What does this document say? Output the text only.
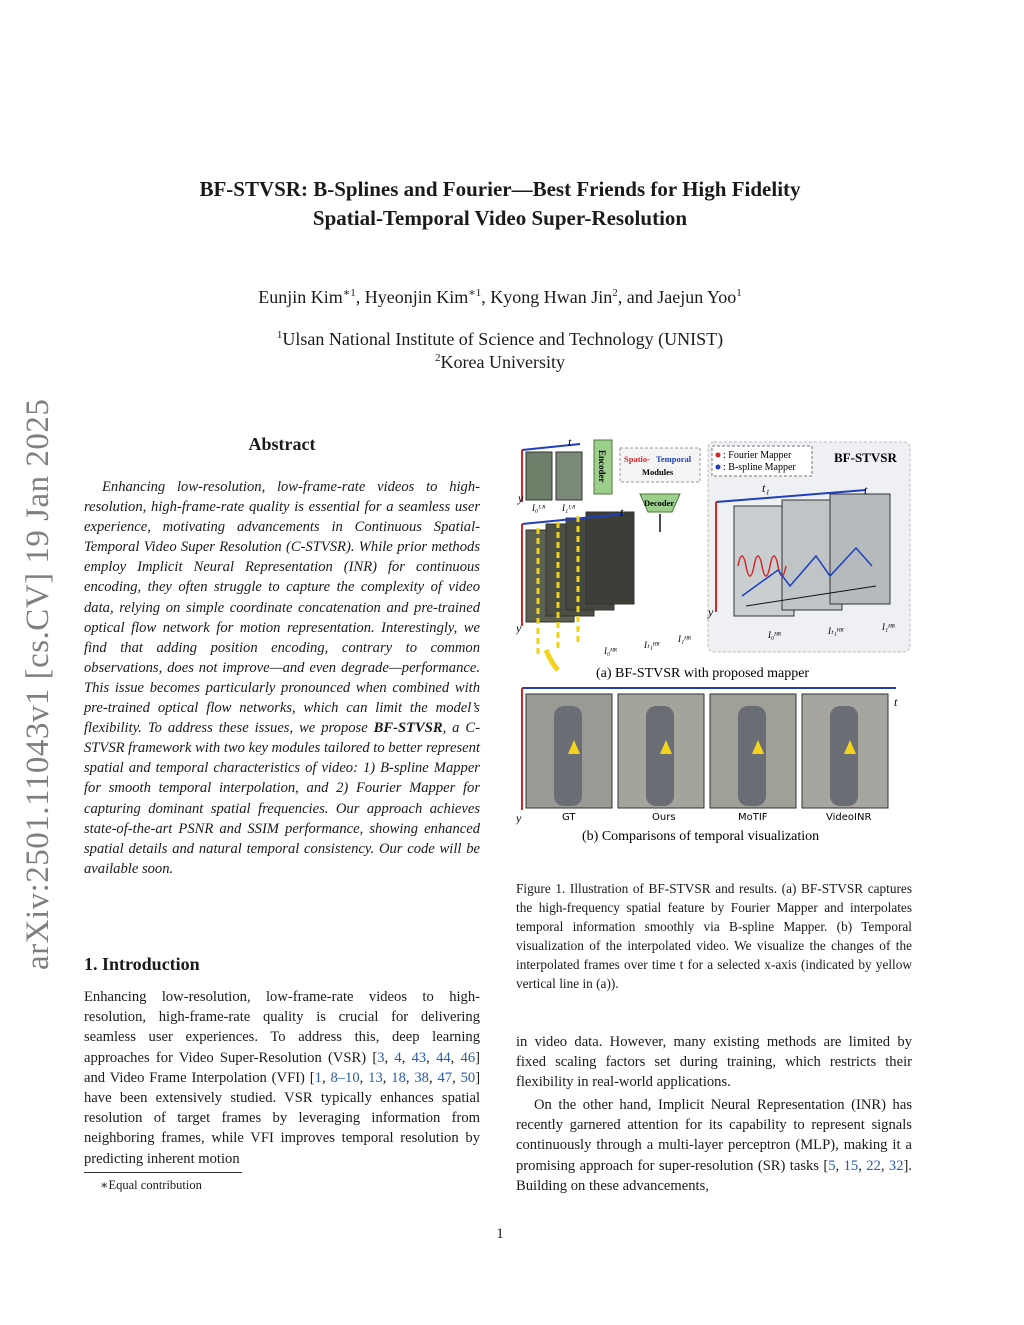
arXiv:2501.11043v1 [cs.CV] 19 Jan 2025
BF-STVSR: B-Splines and Fourier—Best Friends for High Fidelity
Spatial-Temporal Video Super-Resolution
Eunjin Kim$^{∗1}$, Hyeonjin Kim$^{∗1}$, Kyong Hwan Jin$^2$, and Jaejun Yoo$^1$
$^1$Ulsan National Institute of Science and Technology (UNIST)
$^2$Korea University
Abstract

Enhancing low-resolution, low-frame-rate videos to high-resolution, high-frame-rate quality is essential for a seamless user experience, motivating advancements in Continuous Spatial-Temporal Video Super Resolution (C-STVSR). While prior methods employ Implicit Neural Representation (INR) for continuous encoding, they often struggle to capture the complexity of video data, relying on simple coordinate concatenation and pre-trained optical flow network for motion representation. Interestingly, we find that adding position encoding, contrary to common observations, does not improve—and even degrade—performance. This issue becomes particularly pronounced when combined with pre-trained optical flow networks, which can limit the model’s flexibility. To address these issues, we propose BF-STVSR, a C-STVSR framework with two key modules tailored to better represent spatial and temporal characteristics of video: 1) B-spline Mapper for smooth temporal interpolation, and 2) Fourier Mapper for capturing dominant spatial frequencies. Our approach achieves state-of-the-art PSNR and SSIM performance, showing enhanced spatial details and natural temporal consistency. Our code will be available soon.

1. Introduction

Enhancing low-resolution, low-frame-rate videos to high-resolution, high-frame-rate quality is crucial for delivering seamless user experiences. To address this, deep learning approaches for Video Super-Resolution (VSR) [3, 4, 43, 44, 46] and Video Frame Interpolation (VFI) [1, 8–10, 13, 18, 38, 47, 50] have been extensively studied. VSR typically enhances spatial resolution of target frames by leveraging information from neighboring frames, while VFI improves temporal resolution by predicting inherent motion

∗Equal contribution
t
y
I₀ᴸᴿ I₁ᴸᴿ
Encoder Spatio- Temporal
Modules
Decoder
: Fourier Mapper
: B-spline Mapper
BF-STVSR
t
y
I₀ᴴᴿ
Iₜ₁ᴴᴿ
I₁ᴴᴿ
t₁	t
y
I₀ᴴᴿ	Iₜ₁ᴴᴿ	I₁ᴴᴿ
(a) BF-STVSR with proposed mapper
t
y	GT	Ours	MoTIF	VideoINR
(b) Comparisons of temporal visualization

Figure 1. Illustration of BF-STVSR and results. (a) BF-STVSR captures the high-frequency spatial feature by Fourier Mapper and interpolates temporal information smoothly via B-spline Mapper. (b) Temporal visualization of the interpolated video. We visualize the changes of the interpolated frames over time t for a selected x-axis (indicated by yellow vertical line in (a)).

in video data. However, many existing methods are limited by fixed scaling factors set during training, which restricts their flexibility in real-world applications.

On the other hand, Implicit Neural Representation (INR) has recently garnered attention for its capability to represent signals continuously through a multi-layer perceptron (MLP), making it a promising approach for super-resolution (SR) tasks [5, 15, 22, 32]. Building on these advancements,

1
